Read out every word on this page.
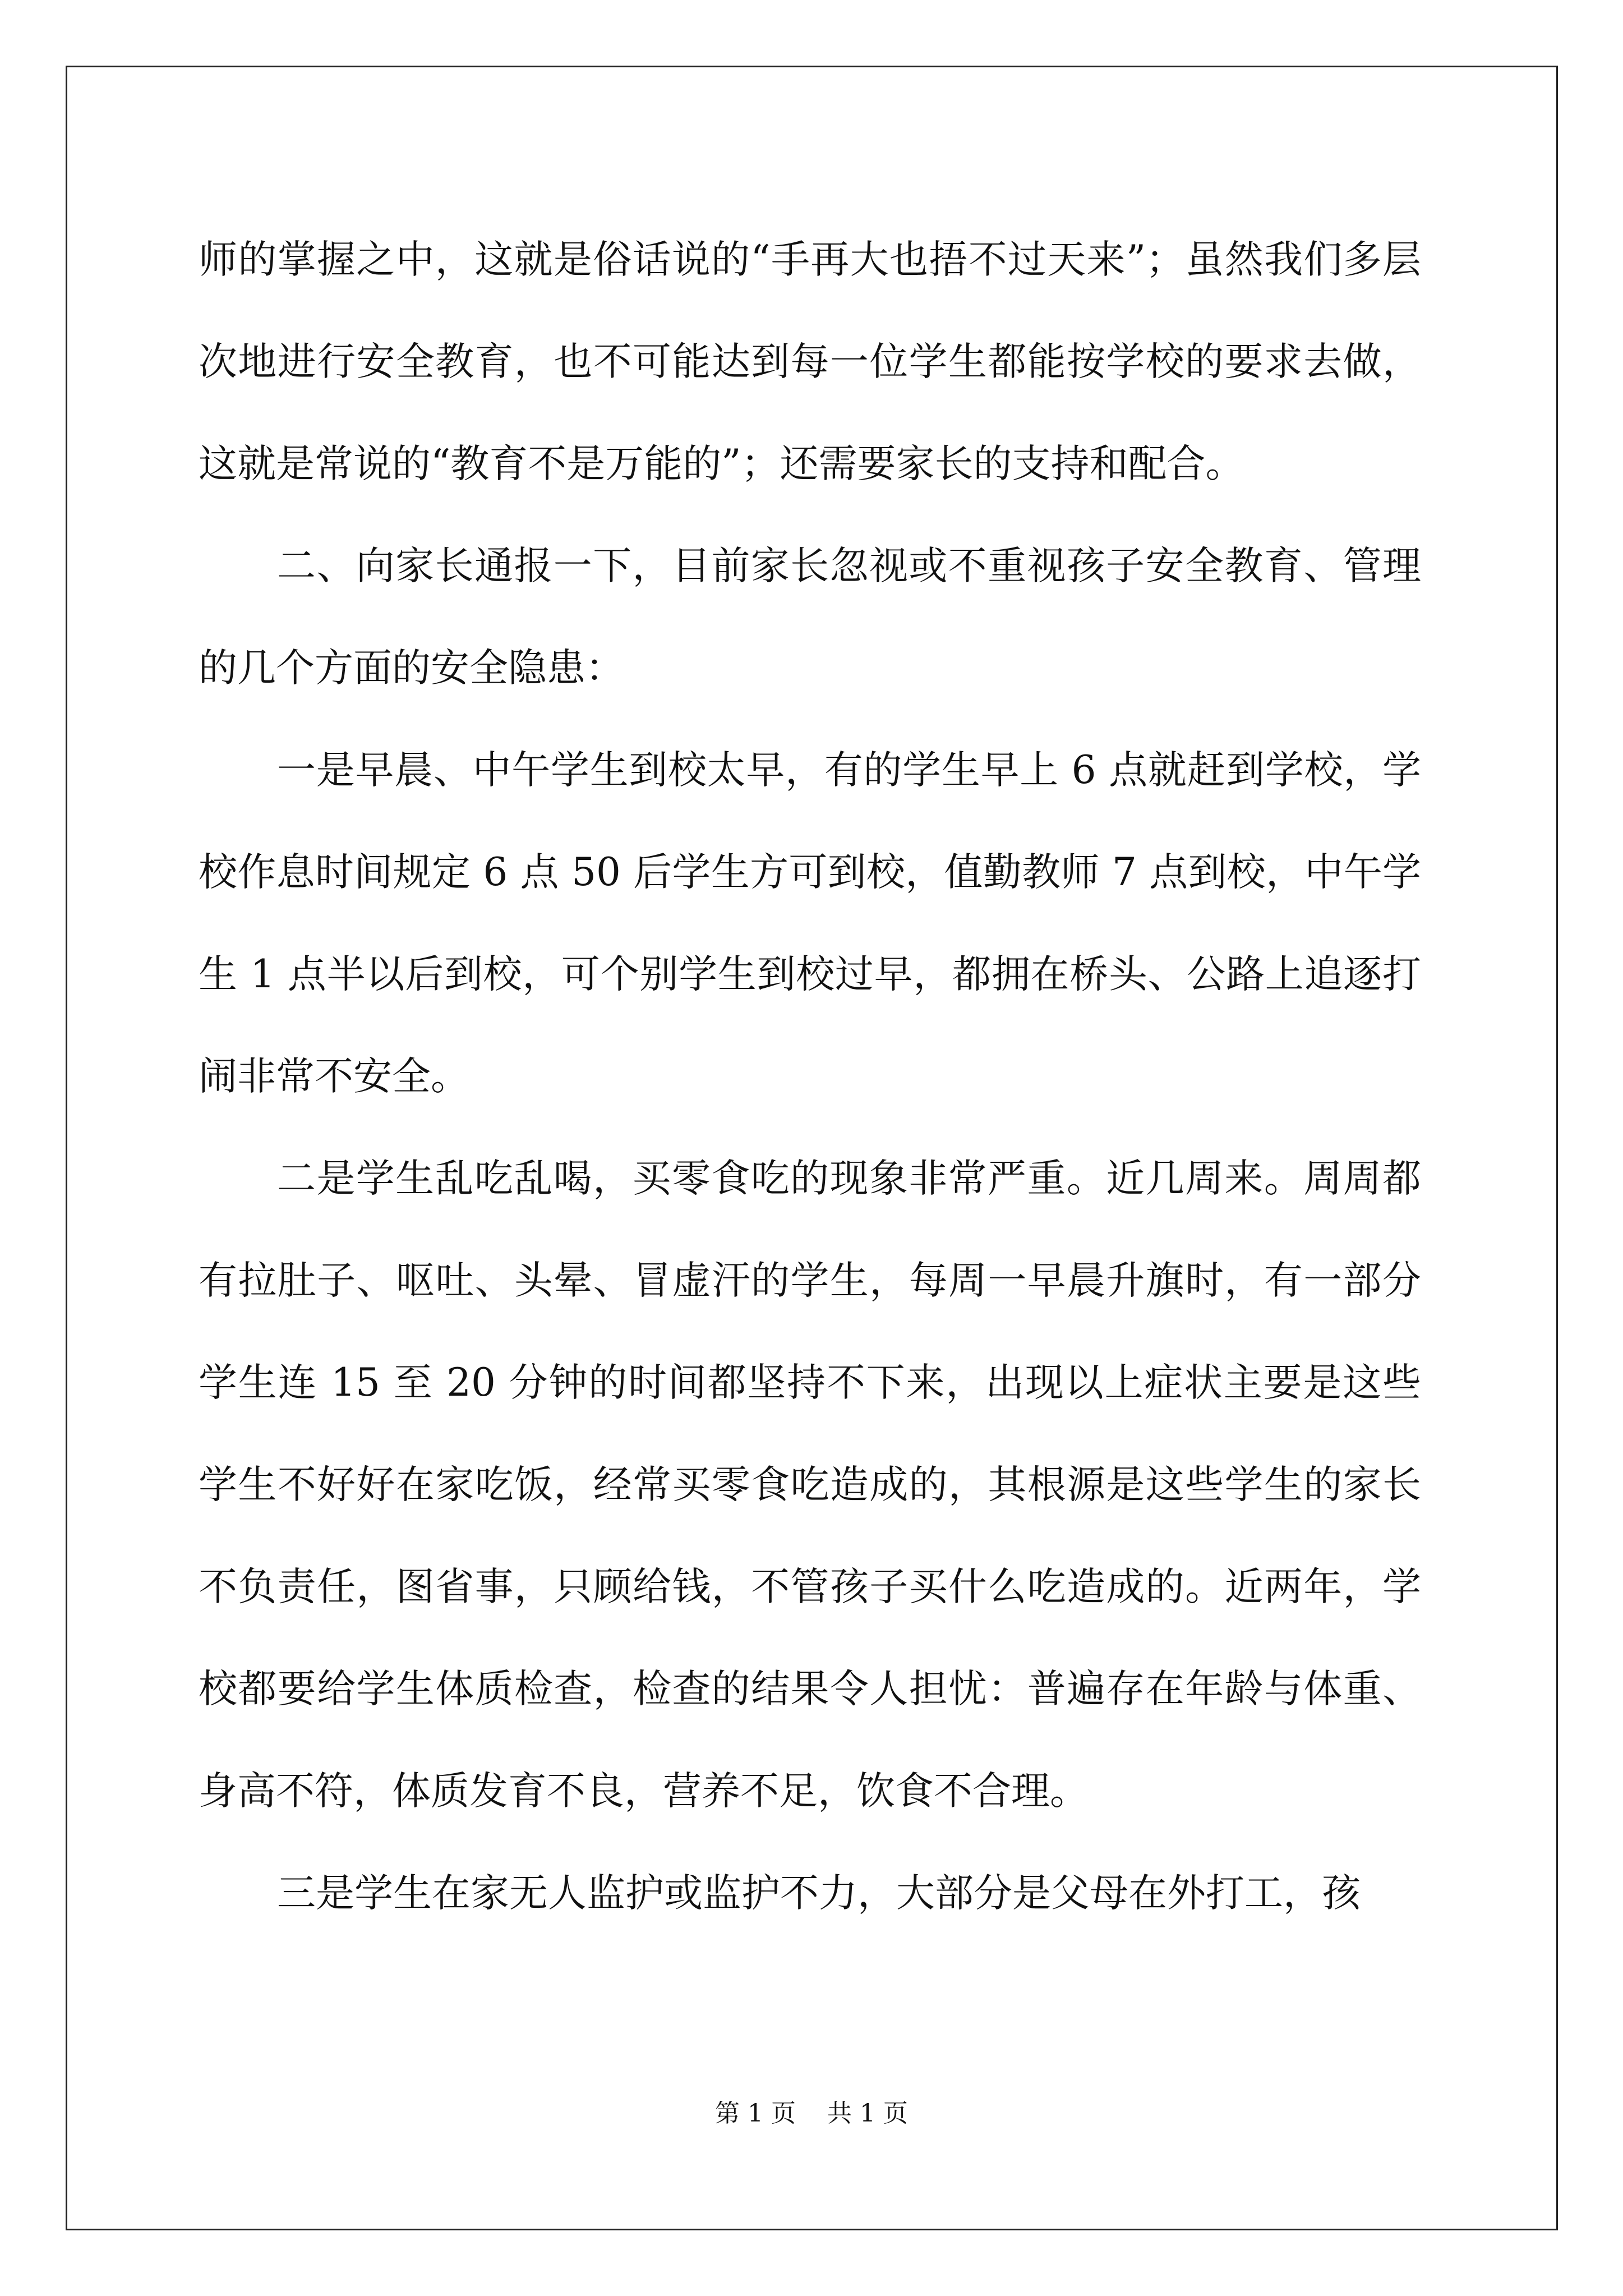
师的掌握之中，这就是俗话说的“手再大也捂不过天来”；虽然我们多层次地进行安全教育，也不可能达到每一位学生都能按学校的要求去做，这就是常说的“教育不是万能的”；还需要家长的支持和配合。

二、向家长通报一下，目前家长忽视或不重视孩子安全教育、管理的几个方面的安全隐患：

一是早晨、中午学生到校太早，有的学生早上 6 点就赶到学校，学校作息时间规定 6 点 50 后学生方可到校，值勤教师 7 点到校，中午学生 1 点半以后到校，可个别学生到校过早，都拥在桥头、公路上追逐打闹非常不安全。

二是学生乱吃乱喝，买零食吃的现象非常严重。近几周来。周周都有拉肚子、呕吐、头晕、冒虚汗的学生，每周一早晨升旗时，有一部分学生连 15 至 20 分钟的时间都坚持不下来，出现以上症状主要是这些学生不好好在家吃饭，经常买零食吃造成的，其根源是这些学生的家长不负责任，图省事，只顾给钱，不管孩子买什么吃造成的。近两年，学校都要给学生体质检查，检查的结果令人担忧：普遍存在年龄与体重、身高不符，体质发育不良，营养不足，饮食不合理。

三是学生在家无人监护或监护不力，大部分是父母在外打工，孩

第 1 页    共 1 页
